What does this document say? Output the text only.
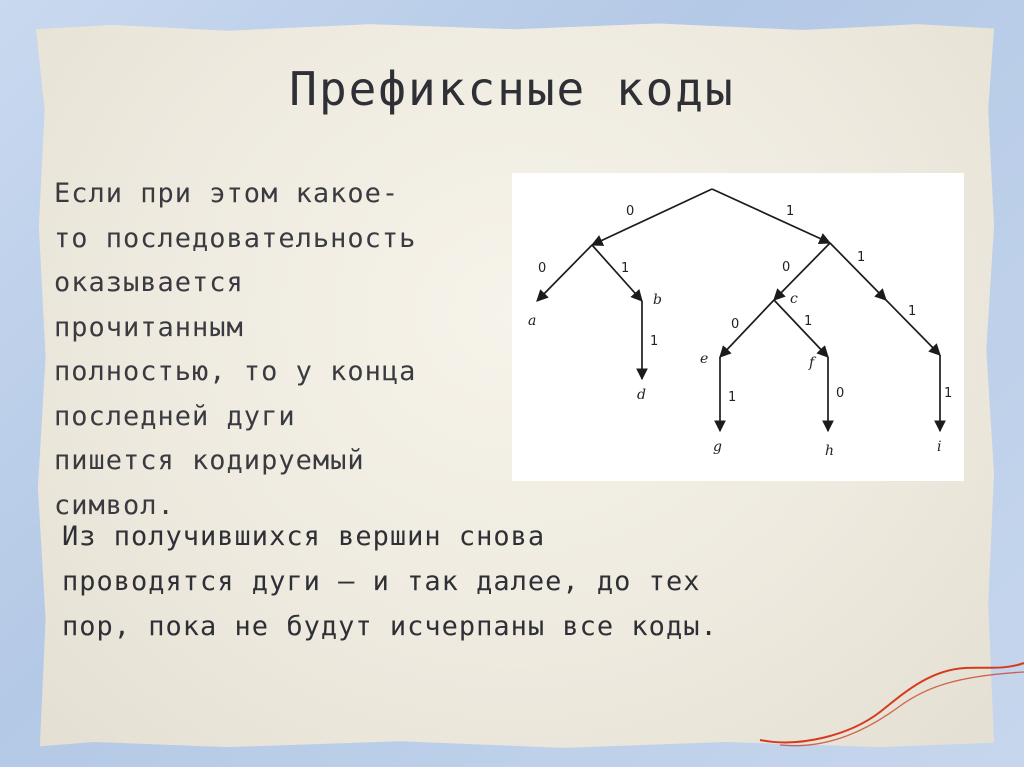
Префиксные коды
Если при этом какое-
то последовательность
оказывается
прочитанным
полностью, то у конца
последней дуги
пишется кодируемый
символ.
0	1
0	1
1
0
1
1
0	1
1	0	1
a
b	c
d
e	f
g	h	i
Из получившихся вершин снова
проводятся дуги — и так далее, до тех
пор, пока не будут исчерпаны все коды.
